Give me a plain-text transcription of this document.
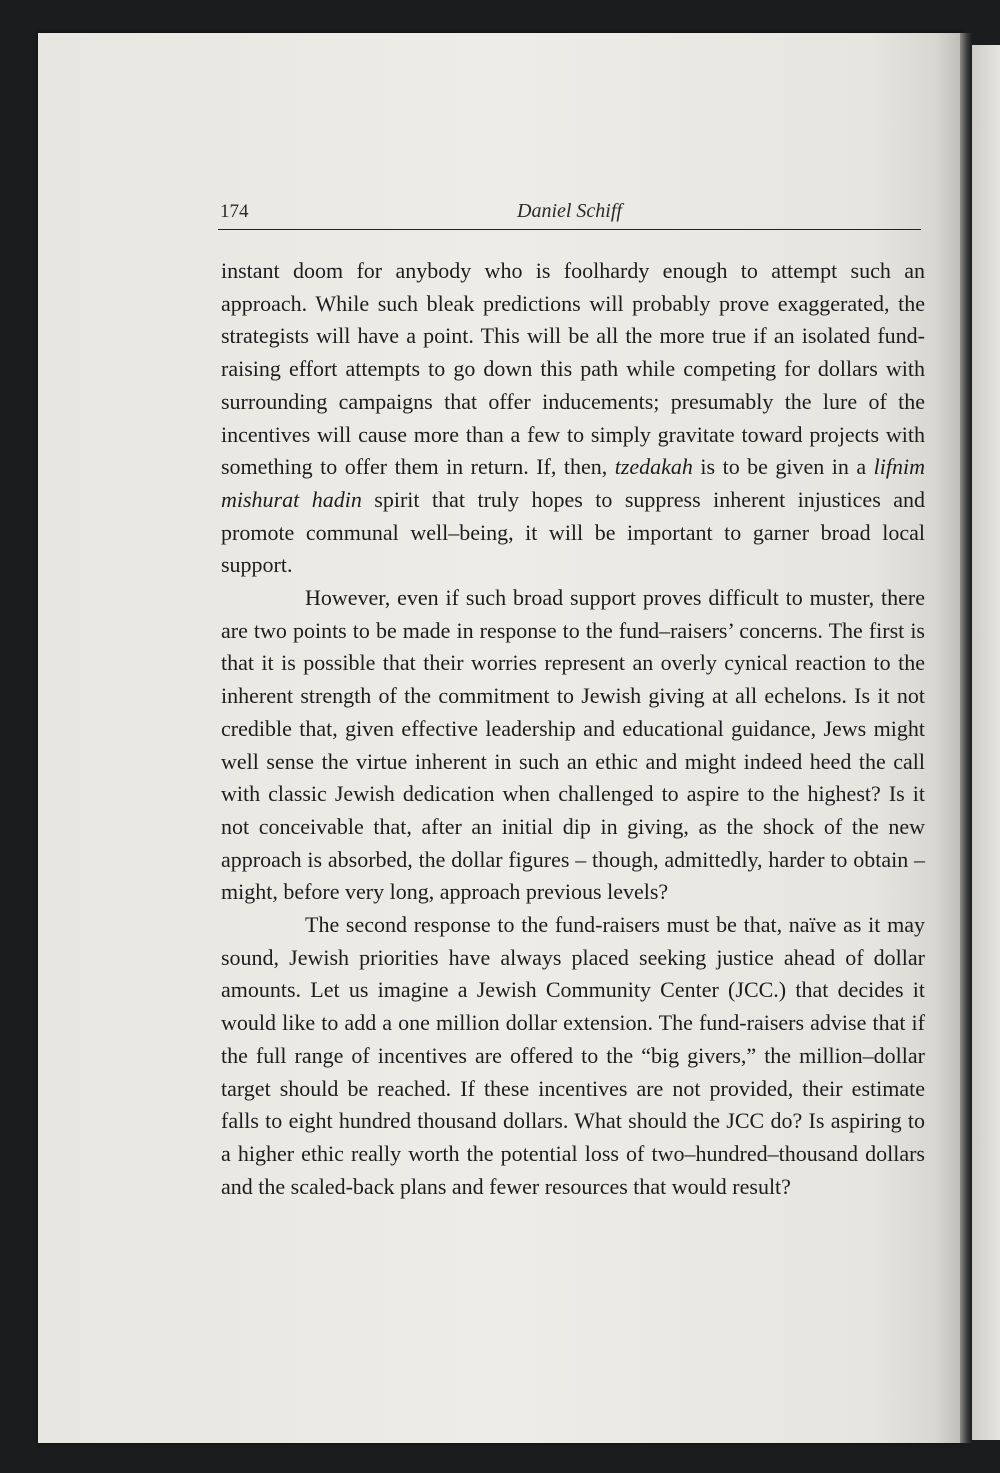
174	Daniel Schiff

instant doom for anybody who is foolhardy enough to attempt such an approach. While such bleak predictions will probably prove exaggerated, the strategists will have a point. This will be all the more true if an isolated fund-raising effort attempts to go down this path while competing for dollars with surrounding campaigns that offer inducements; presumably the lure of the incentives will cause more than a few to simply gravitate toward projects with something to offer them in return. If, then, tzedakah is to be given in a lifnim mishurat hadin spirit that truly hopes to suppress inherent injustices and promote communal well–being, it will be important to garner broad local support.

However, even if such broad support proves difficult to muster, there are two points to be made in response to the fund–raisers’ concerns. The first is that it is possible that their worries represent an overly cynical reaction to the inherent strength of the commitment to Jewish giving at all echelons. Is it not credible that, given effective leadership and educational guidance, Jews might well sense the virtue inherent in such an ethic and might indeed heed the call with classic Jewish dedication when challenged to aspire to the highest? Is it not conceivable that, after an initial dip in giving, as the shock of the new approach is absorbed, the dollar figures – though, admittedly, harder to obtain – might, before very long, approach previous levels?

The second response to the fund-raisers must be that, naïve as it may sound, Jewish priorities have always placed seeking justice ahead of dollar amounts. Let us imagine a Jewish Community Center (JCC.) that decides it would like to add a one million dollar extension. The fund-raisers advise that if the full range of incentives are offered to the “big givers,” the million–dollar target should be reached. If these incentives are not provided, their estimate falls to eight hundred thousand dollars. What should the JCC do? Is aspiring to a higher ethic really worth the potential loss of two–hundred–thousand dollars and the scaled-back plans and fewer resources that would result?
